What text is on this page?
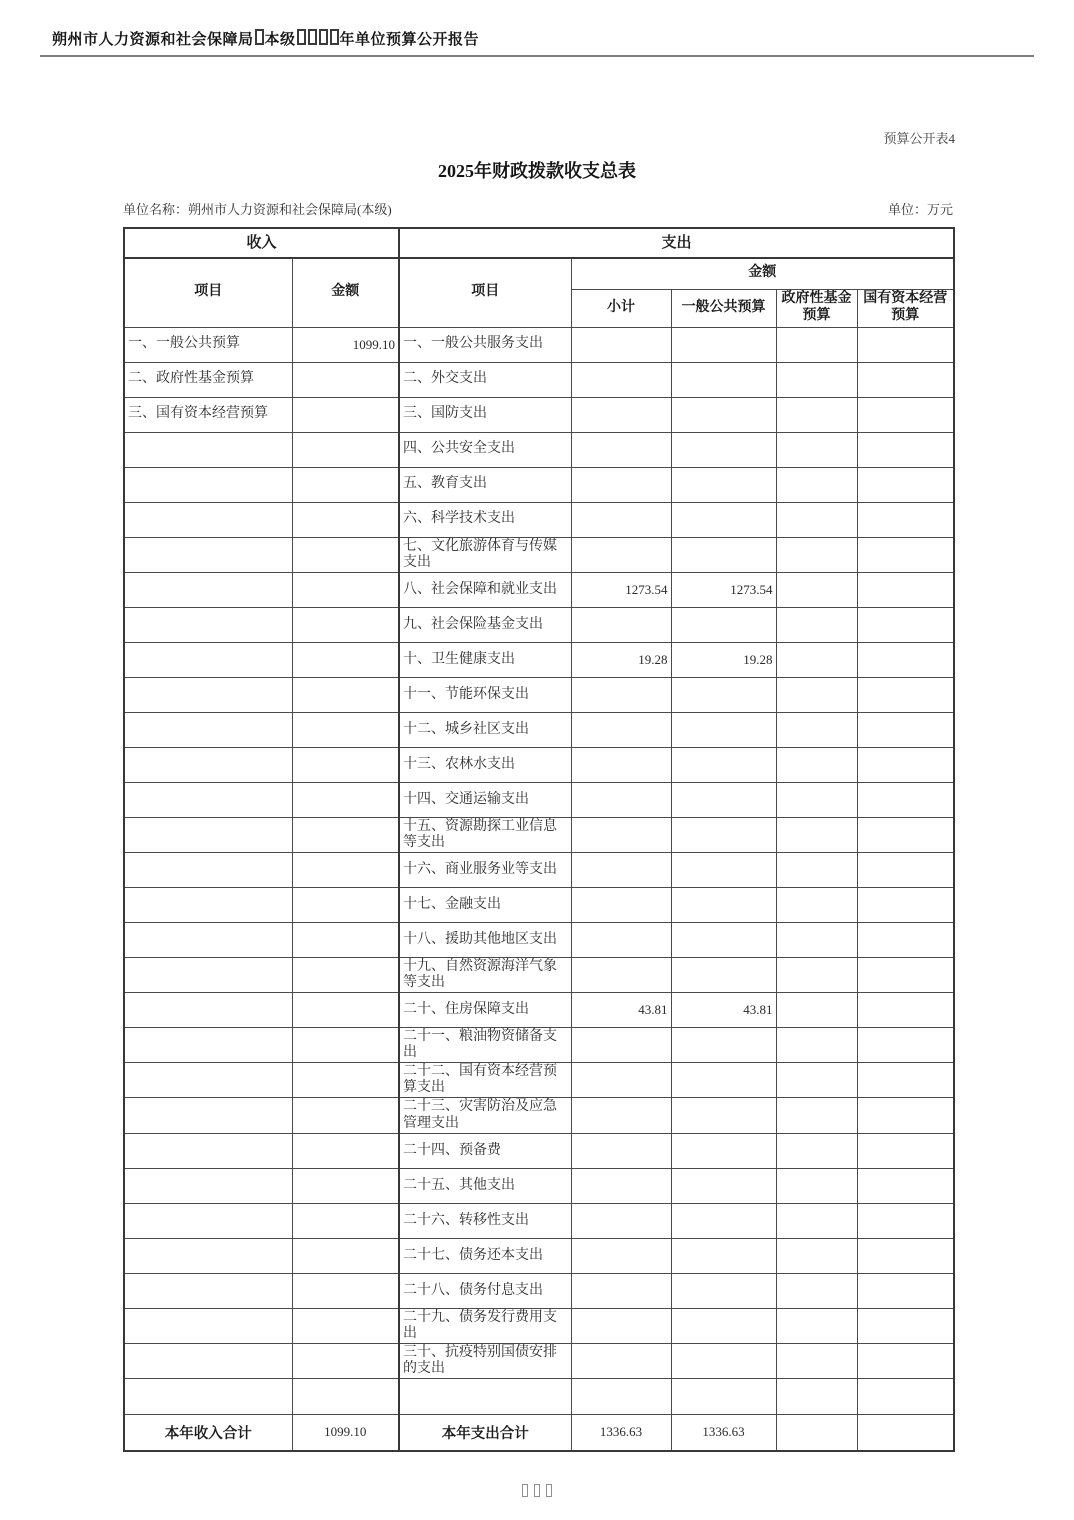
朔州市人力资源和社会保障局 本级	年单位预算公开报告
预算公开表4
2025年财政拨款收支总表
单位名称：朔州市人力资源和社会保障局(本级)	单位：万元
收入		支出				
项目	金额	项目	金额			
			小计	一般公共预算	政府性基金预算	国有资本经营预算
一、一般公共预算	1099.10	一、一般公共服务支出				
二、政府性基金预算		二、外交支出				
三、国有资本经营预算		三、国防支出				
		四、公共安全支出				
		五、教育支出				
		六、科学技术支出				
		七、文化旅游体育与传媒支出				
		八、社会保障和就业支出	1273.54	1273.54		
		九、社会保险基金支出				
		十、卫生健康支出	19.28	19.28		
		十一、节能环保支出				
		十二、城乡社区支出				
		十三、农林水支出				
		十四、交通运输支出				
		十五、资源勘探工业信息等支出				
		十六、商业服务业等支出				
		十七、金融支出				
		十八、援助其他地区支出				
		十九、自然资源海洋气象等支出				
		二十、住房保障支出	43.81	43.81		
		二十一、粮油物资储备支出				
		二十二、国有资本经营预算支出				
		二十三、灾害防治及应急管理支出				
		二十四、预备费				
		二十五、其他支出				
		二十六、转移性支出				
		二十七、债务还本支出				
		二十八、债务付息支出				
		二十九、债务发行费用支出				
		三十、抗疫特别国债安排的支出				

本年收入合计	1099.10	本年支出合计	1336.63	1336.63		
